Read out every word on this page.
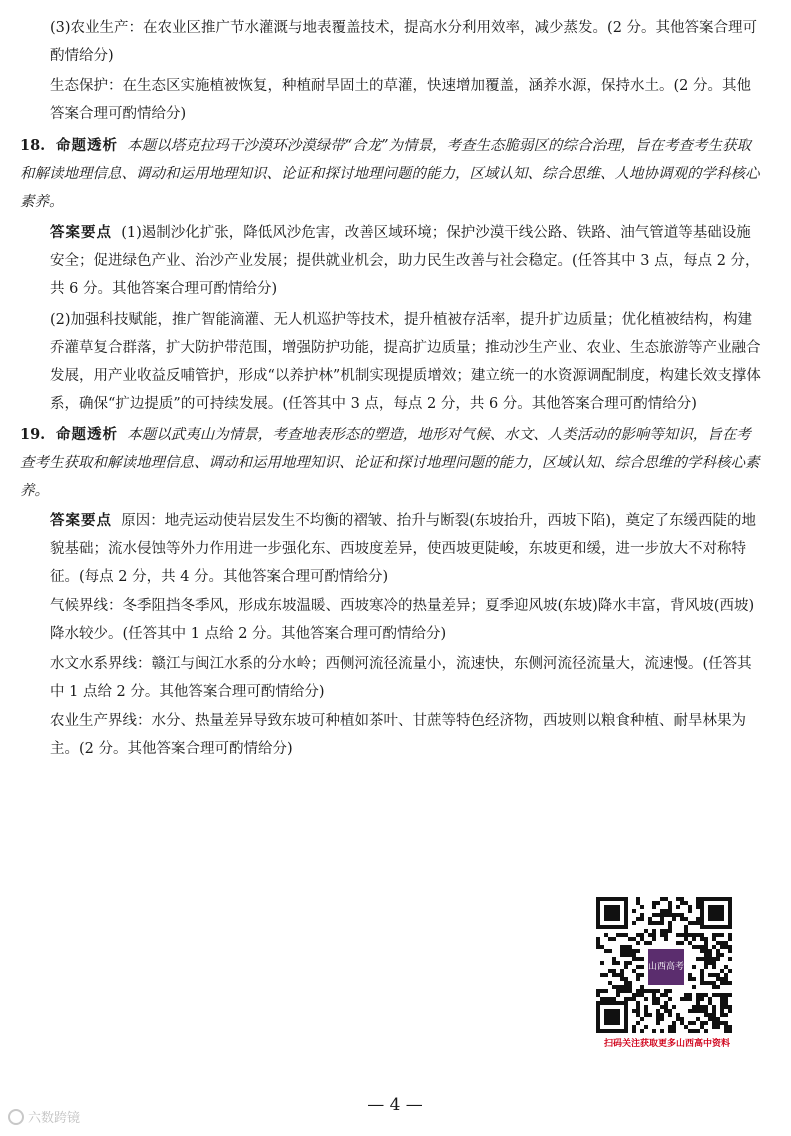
(3)农业生产：在农业区推广节水灌溉与地表覆盖技术，提高水分利用效率，减少蒸发。(2 分。其他答案合理可酌情给分)

生态保护：在生态区实施植被恢复，种植耐旱固土的草灌，快速增加覆盖，涵养水源，保持水土。(2 分。其他答案合理可酌情给分)

18. 命题透析 本题以塔克拉玛干沙漠环沙漠绿带“合龙”为情景，考查生态脆弱区的综合治理，旨在考查考生获取和解读地理信息、调动和运用地理知识、论证和探讨地理问题的能力，区域认知、综合思维、人地协调观的学科核心素养。

答案要点 (1)遏制沙化扩张，降低风沙危害，改善区域环境；保护沙漠干线公路、铁路、油气管道等基础设施安全；促进绿色产业、治沙产业发展；提供就业机会，助力民生改善与社会稳定。(任答其中 3 点，每点 2 分，共 6 分。其他答案合理可酌情给分)

(2)加强科技赋能，推广智能滴灌、无人机巡护等技术，提升植被存活率，提升扩边质量；优化植被结构，构建乔灌草复合群落，扩大防护带范围，增强防护功能，提高扩边质量；推动沙生产业、农业、生态旅游等产业融合发展，用产业收益反哺管护，形成“以养护林”机制实现提质增效；建立统一的水资源调配制度，构建长效支撑体系，确保“扩边提质”的可持续发展。(任答其中 3 点，每点 2 分，共 6 分。其他答案合理可酌情给分)

19. 命题透析 本题以武夷山为情景，考查地表形态的塑造，地形对气候、水文、人类活动的影响等知识，旨在考查考生获取和解读地理信息、调动和运用地理知识、论证和探讨地理问题的能力，区域认知、综合思维的学科核心素养。

答案要点 原因：地壳运动使岩层发生不均衡的褶皱、抬升与断裂(东坡抬升，西坡下陷)，奠定了东缓西陡的地貌基础；流水侵蚀等外力作用进一步强化东、西坡度差异，使西坡更陡峻，东坡更和缓，进一步放大不对称特征。(每点 2 分，共 4 分。其他答案合理可酌情给分)

气候界线：冬季阻挡冬季风，形成东坡温暖、西坡寒冷的热量差异；夏季迎风坡(东坡)降水丰富，背风坡(西坡)降水较少。(任答其中 1 点给 2 分。其他答案合理可酌情给分)

水文水系界线：赣江与闽江水系的分水岭；西侧河流径流量小，流速快，东侧河流径流量大，流速慢。(任答其中 1 点给 2 分。其他答案合理可酌情给分)

农业生产界线：水分、热量差异导致东坡可种植如茶叶、甘蔗等特色经济物，西坡则以粮食种植、耐旱林果为主。(2 分。其他答案合理可酌情给分)

山西高考
扫码关注获取更多山西高中资料
— 4 —
六数跨镜
